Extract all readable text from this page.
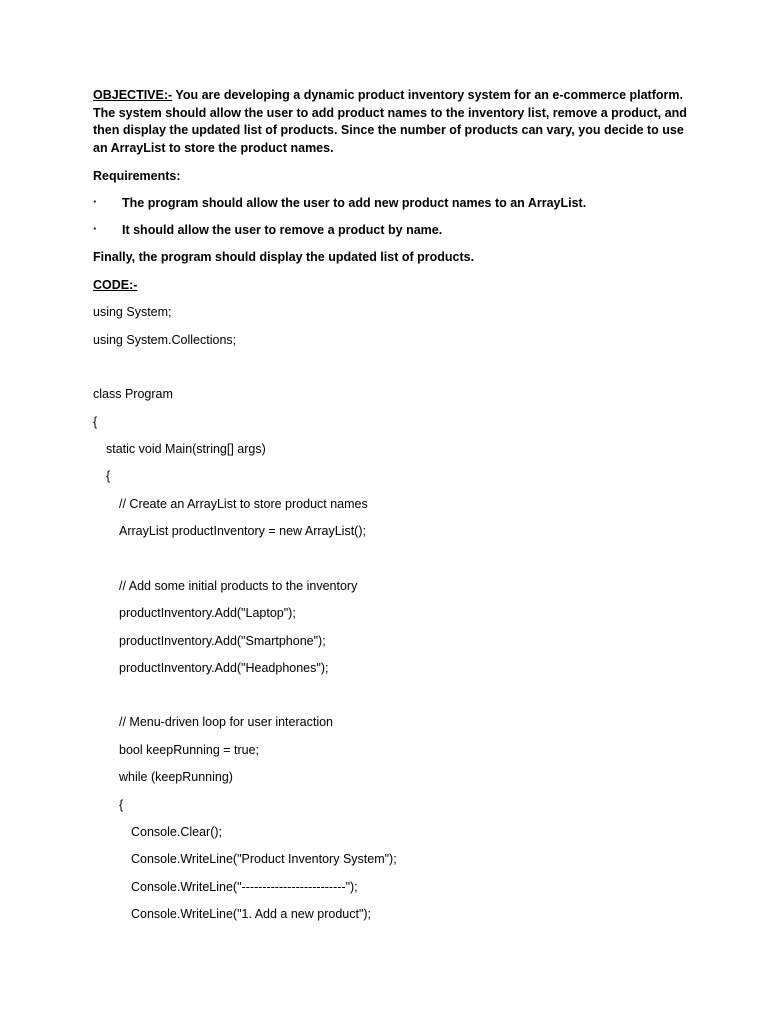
OBJECTIVE:- You are developing a dynamic product inventory system for an e-commerce platform. The system should allow the user to add product names to the inventory list, remove a product, and then display the updated list of products. Since the number of products can vary, you decide to use an ArrayList to store the product names.
Requirements:
· The program should allow the user to add new product names to an ArrayList.
· It should allow the user to remove a product by name.
Finally, the program should display the updated list of products.
CODE:-
using System;
using System.Collections;
class Program
{
static void Main(string[] args)
{
// Create an ArrayList to store product names
ArrayList productInventory = new ArrayList();
// Add some initial products to the inventory
productInventory.Add("Laptop");
productInventory.Add("Smartphone");
productInventory.Add("Headphones");
// Menu-driven loop for user interaction
bool keepRunning = true;
while (keepRunning)
{
Console.Clear();
Console.WriteLine("Product Inventory System");
Console.WriteLine("-------------------------");
Console.WriteLine("1. Add a new product");
